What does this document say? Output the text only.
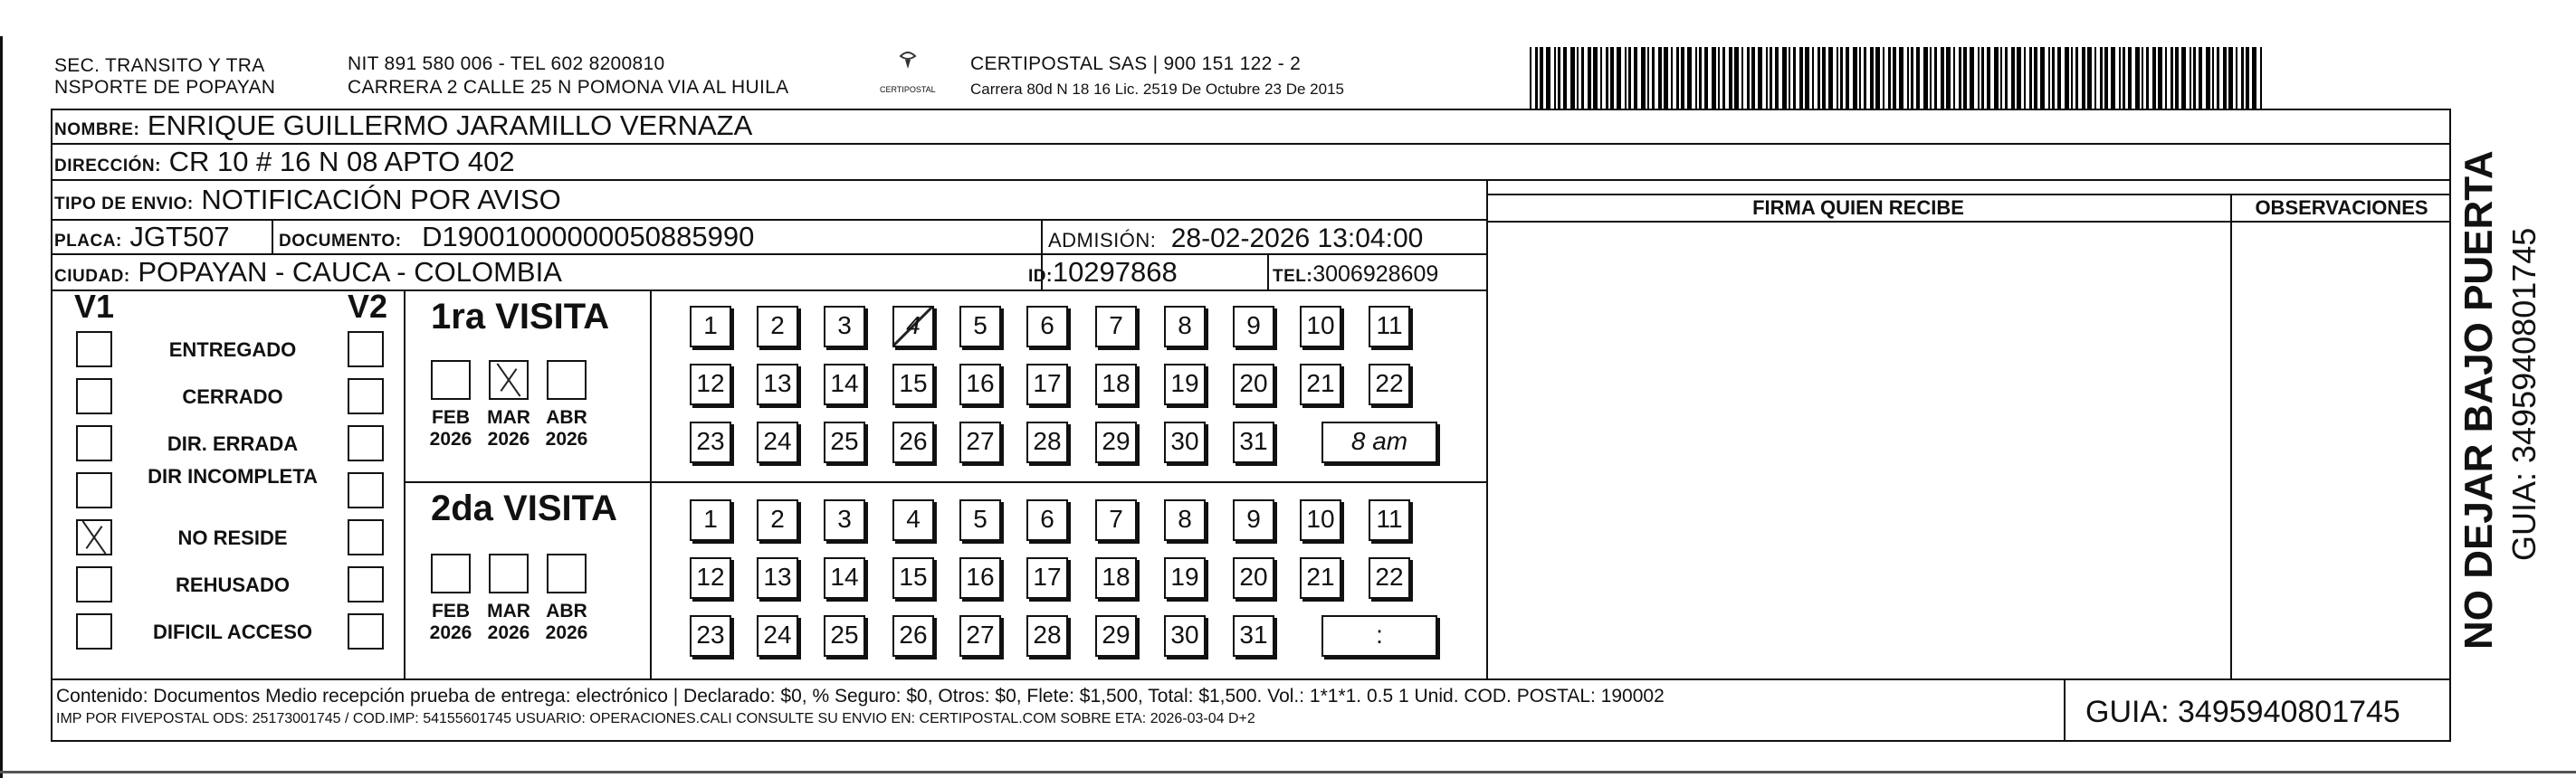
SEC. TRANSITO Y TRA
NSPORTE DE POPAYAN
NIT 891 580 006 - TEL 602 8200810
CARRERA 2 CALLE 25 N POMONA VIA AL HUILA	CERTIPOSTAL
CERTIPOSTAL SAS | 900 151 122 - 2
Carrera 80d N 18 16 Lic. 2519 De Octubre 23 De 2015
NOMBRE: ENRIQUE GUILLERMO JARAMILLO VERNAZA
DIRECCIÓN: CR 10 # 16 N 08 APTO 402
TIPO DE ENVIO: NOTIFICACIÓN POR AVISO	FIRMA QUIEN RECIBE	OBSERVACIONES
PLACA: JGT507	DOCUMENTO: D19001000000050885990	ADMISIÓN: 28-02-2026 13:04:00
CIUDAD: POPAYAN - CAUCA - COLOMBIA	ID:10297868	TEL:3006928609
V1	V2
ENTREGADO
CERRADO
DIR. ERRADA
DIR INCOMPLETA
NO RESIDE
REHUSADO
DIFICIL ACCESO
1ra VISITA
FEB
2026
MAR
2026
ABR
2026
1	2	3	4	5	6	7	8	9	10	11
12 13 14 15 16 17 18 19 20 21 22
23 24 25 26 27 28 29 30 31	8 am
2da VISITA
FEB
2026
MAR
2026
ABR
2026
1	2	3	4	5	6	7	8	9	10	11
12 13 14 15 16 17 18 19 20 21 22
23 24 25 26 27 28 29 30 31	:
Contenido: Documentos Medio recepción prueba de entrega: electrónico | Declarado: $0, % Seguro: $0, Otros: $0, Flete: $1,500, Total: $1,500. Vol.: 1*1*1. 0.5 1 Unid. COD. POSTAL: 190002
IMP POR FIVEPOSTAL ODS: 25173001745 / COD.IMP: 54155601745 USUARIO: OPERACIONES.CALI CONSULTE SU ENVIO EN: CERTIPOSTAL.COM SOBRE ETA: 2026-03-04 D+2	GUIA: 3495940801745
NO DEJAR BAJO PUERTA GUIA: 3495940801745
